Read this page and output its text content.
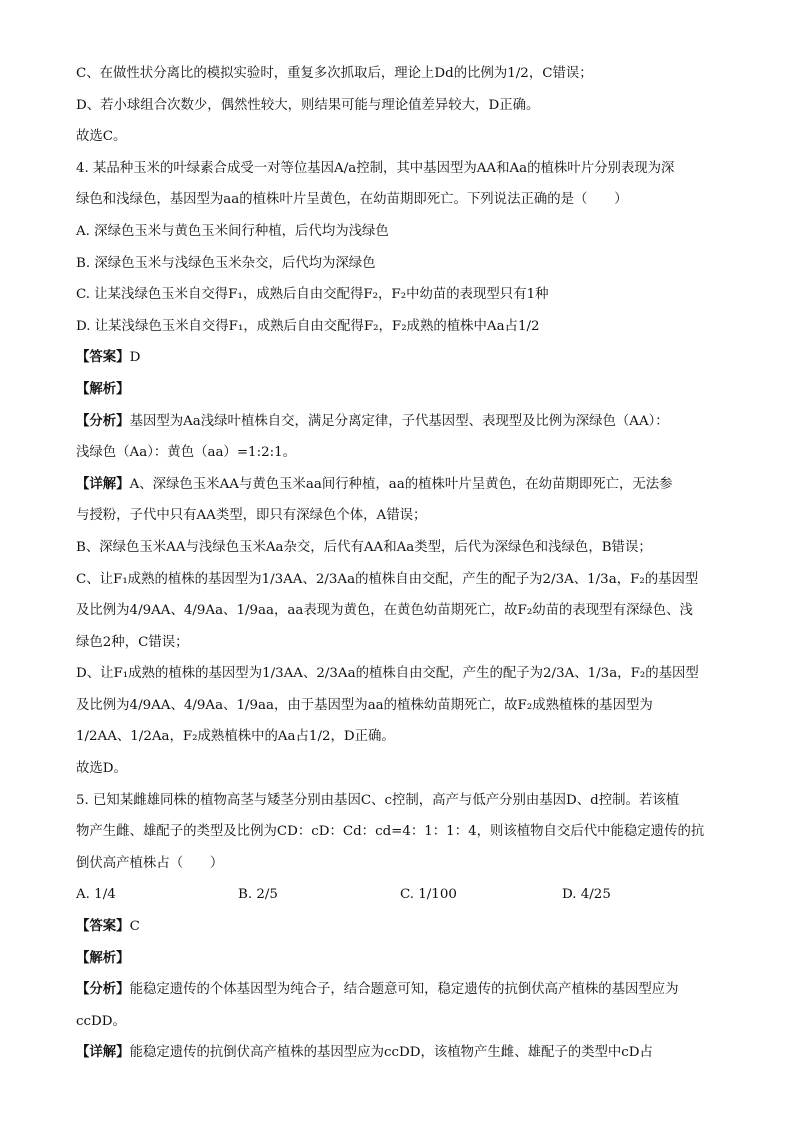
C、在做性状分离比的模拟实验时，重复多次抓取后，理论上Dd的比例为1/2，C错误；
D、若小球组合次数少，偶然性较大，则结果可能与理论值差异较大，D正确。
故选C。
4. 某品种玉米的叶绿素合成受一对等位基因A/a控制，其中基因型为AA和Aa的植株叶片分别表现为深
绿色和浅绿色，基因型为aa的植株叶片呈黄色，在幼苗期即死亡。下列说法正确的是（　　）
A. 深绿色玉米与黄色玉米间行种植，后代均为浅绿色
B. 深绿色玉米与浅绿色玉米杂交，后代均为深绿色
C. 让某浅绿色玉米自交得F₁，成熟后自由交配得F₂，F₂中幼苗的表现型只有1种
D. 让某浅绿色玉米自交得F₁，成熟后自由交配得F₂，F₂成熟的植株中Aa占1/2
【答案】D
【解析】
【分析】基因型为Aa浅绿叶植株自交，满足分离定律，子代基因型、表现型及比例为深绿色（AA）：
浅绿色（Aa）：黄色（aa）=1:2:1。
【详解】A、深绿色玉米AA与黄色玉米aa间行种植，aa的植株叶片呈黄色，在幼苗期即死亡，无法参
与授粉，子代中只有AA类型，即只有深绿色个体，A错误；
B、深绿色玉米AA与浅绿色玉米Aa杂交，后代有AA和Aa类型，后代为深绿色和浅绿色，B错误；
C、让F₁成熟的植株的基因型为1/3AA、2/3Aa的植株自由交配，产生的配子为2/3A、1/3a，F₂的基因型
及比例为4/9AA、4/9Aa、1/9aa，aa表现为黄色，在黄色幼苗期死亡，故F₂幼苗的表现型有深绿色、浅
绿色2种，C错误；
D、让F₁成熟的植株的基因型为1/3AA、2/3Aa的植株自由交配，产生的配子为2/3A、1/3a，F₂的基因型
及比例为4/9AA、4/9Aa、1/9aa，由于基因型为aa的植株幼苗期死亡，故F₂成熟植株的基因型为
1/2AA、1/2Aa，F₂成熟植株中的Aa占1/2，D正确。
故选D。
5. 已知某雌雄同株的植物高茎与矮茎分别由基因C、c控制，高产与低产分别由基因D、d控制。若该植
物产生雌、雄配子的类型及比例为CD：cD：Cd：cd=4：1：1：4，则该植物自交后代中能稳定遗传的抗
倒伏高产植株占（　　）
A. 1/4	B. 2/5	C. 1/100	D. 4/25
【答案】C
【解析】
【分析】能稳定遗传的个体基因型为纯合子，结合题意可知，稳定遗传的抗倒伏高产植株的基因型应为
ccDD。
【详解】能稳定遗传的抗倒伏高产植株的基因型应为ccDD，该植物产生雌、雄配子的类型中cD占
